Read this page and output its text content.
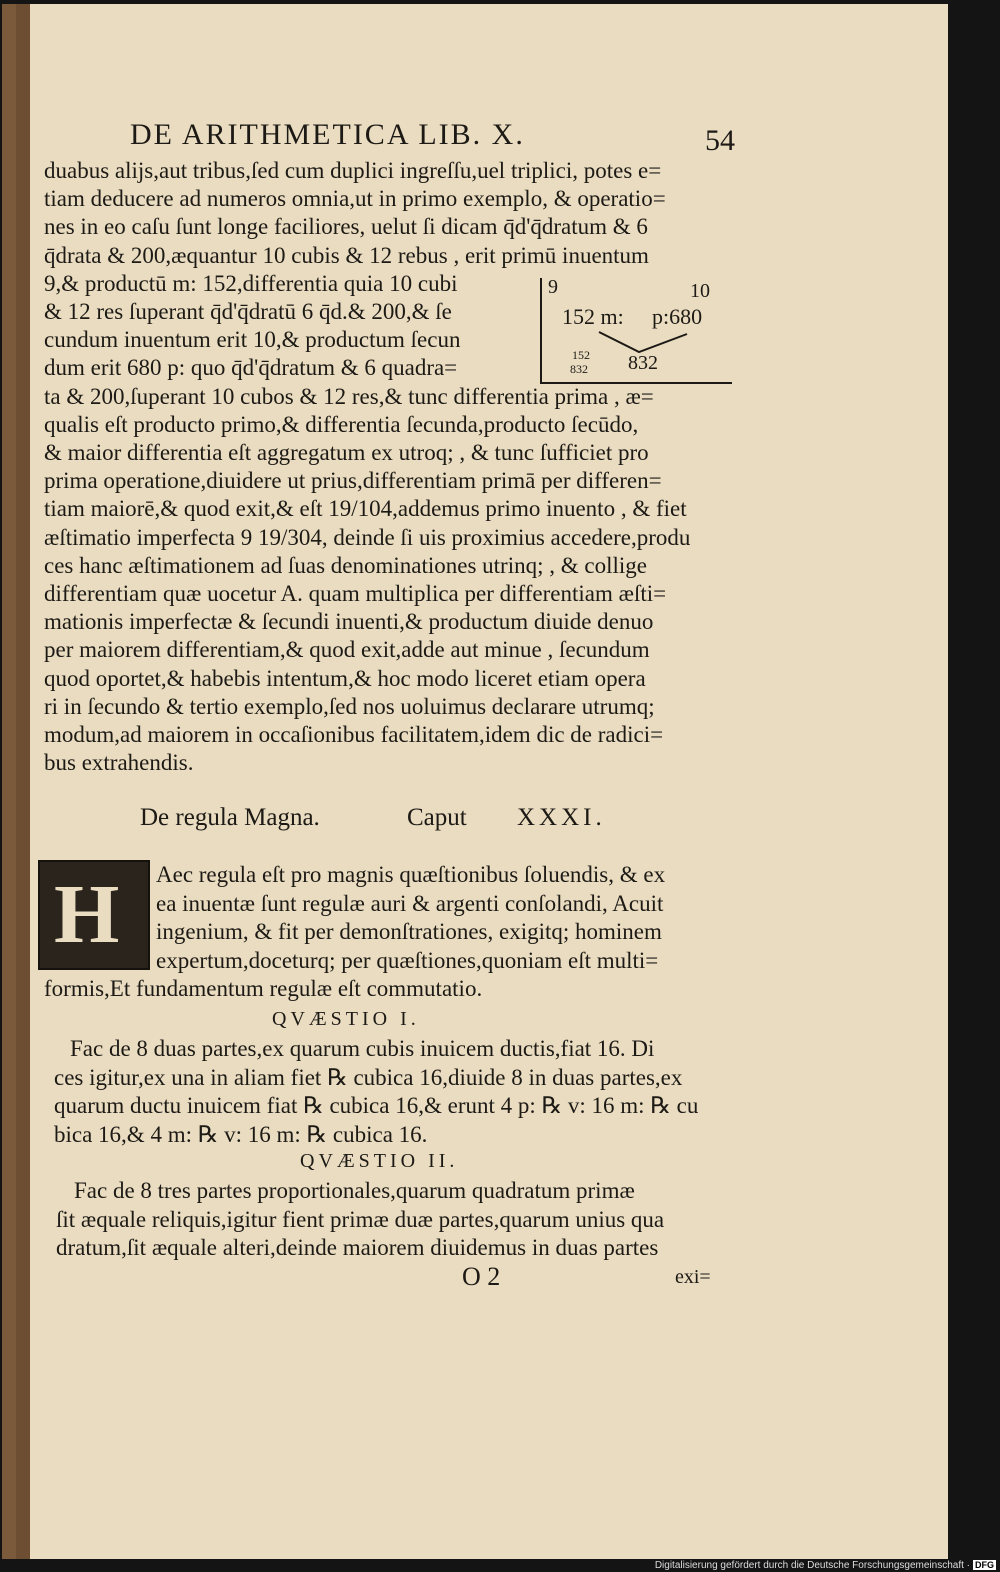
DE ARITHMETICA LIB. X.	54
duabus alijs,aut tribus,ſed cum duplici ingreſſu,uel triplici, potes e=
tiam deducere ad numeros omnia,ut in primo exemplo, & operatio=
nes in eo caſu ſunt longe faciliores, uelut ſi dicam q̄d'q̄dratum & 6
q̄drata & 200,æquantur 10 cubis & 12 rebus , erit primū inuentum
9,& productū m: 152,differentia quia 10 cubi
& 12 res ſuperant q̄d'q̄dratū 6 q̄d.& 200,& ſe
cundum inuentum erit 10,& productum ſecun
dum erit 680 p: quo q̄d'q̄dratum & 6 quadra=
ta & 200,ſuperant 10 cubos & 12 res,& tunc differentia prima , æ=
qualis eſt producto primo,& differentia ſecunda,producto ſecūdo,
& maior differentia eſt aggregatum ex utroq; , & tunc ſufficiet pro
prima operatione,diuidere ut prius,differentiam primā per differen=
tiam maiorē,& quod exit,& eſt 19/104,addemus primo inuento , & fiet
æſtimatio imperfecta 9 19/304, deinde ſi uis proximius accedere,produ
ces hanc æſtimationem ad ſuas denominationes utrinq; , & collige
differentiam quæ uocetur A. quam multiplica per differentiam æſti=
mationis imperfectæ & ſecundi inuenti,& productum diuide denuo
per maiorem differentiam,& quod exit,adde aut minue , ſecundum
quod oportet,& habebis intentum,& hoc modo liceret etiam opera
ri in ſecundo & tertio exemplo,ſed nos uoluimus declarare utrumq;
modum,ad maiorem in occaſionibus facilitatem,idem dic de radici=
bus extrahendis.
9	10
152 m: p:680
152
832 832
De regula Magna.	Caput XXXI.
H Aec regula eſt pro magnis quæſtionibus ſoluendis, & ex
ea inuentæ ſunt regulæ auri & argenti conſolandi, Acuit
ingenium, & fit per demonſtrationes, exigitq; hominem
expertum,doceturq; per quæſtiones,quoniam eſt multi=
formis,Et fundamentum regulæ eſt commutatio.
QVÆSTIO I.
Fac de 8 duas partes,ex quarum cubis inuicem ductis,fiat 16. Di
ces igitur,ex una in aliam fiet ℞ cubica 16,diuide 8 in duas partes,ex
quarum ductu inuicem fiat ℞ cubica 16,& erunt 4 p: ℞ v: 16 m: ℞ cu
bica 16,& 4 m: ℞ v: 16 m: ℞ cubica 16.
QVÆSTIO II.
Fac de 8 tres partes proportionales,quarum quadratum primæ
ſit æquale reliquis,igitur fient primæ duæ partes,quarum unius qua
dratum,ſit æquale alteri,deinde maiorem diuidemus in duas partes
O 2	exi=
Digitalisierung gefördert durch die Deutsche Forschungsgemeinschaft · DFG
